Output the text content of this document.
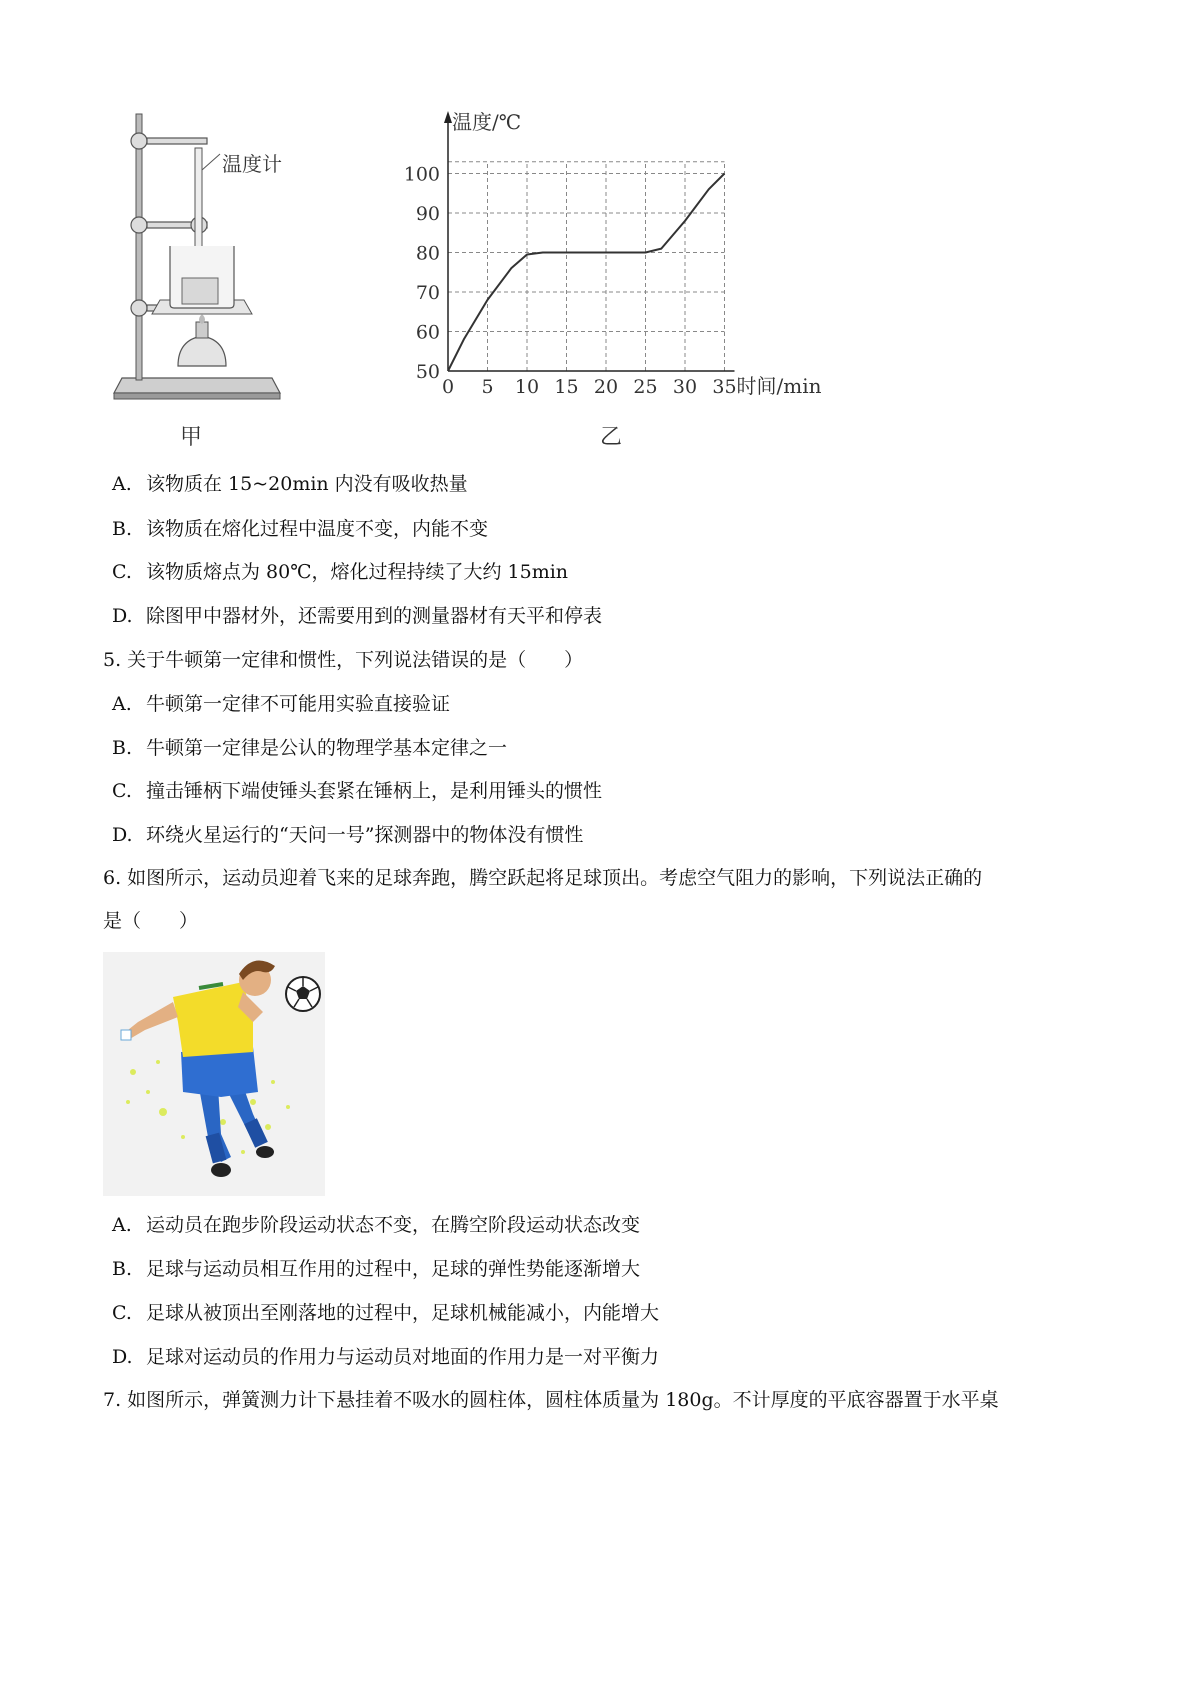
温度计
甲
0 5 10 15 20 25 30 35
50
60
70
80
90
100
温度/℃
时间/min
乙
A. 该物质在 15~20min 内没有吸收热量
B. 该物质在熔化过程中温度不变，内能不变
C. 该物质熔点为 80℃，熔化过程持续了大约 15min
D. 除图甲中器材外，还需要用到的测量器材有天平和停表
5. 关于牛顿第一定律和惯性，下列说法错误的是（　　）
A. 牛顿第一定律不可能用实验直接验证
B. 牛顿第一定律是公认的物理学基本定律之一
C. 撞击锤柄下端使锤头套紧在锤柄上，是利用锤头的惯性
D. 环绕火星运行的“天问一号”探测器中的物体没有惯性
6. 如图所示，运动员迎着飞来的足球奔跑，腾空跃起将足球顶出。考虑空气阻力的影响，下列说法正确的
是（　　）
A. 运动员在跑步阶段运动状态不变，在腾空阶段运动状态改变
B. 足球与运动员相互作用的过程中，足球的弹性势能逐渐增大
C. 足球从被顶出至刚落地的过程中，足球机械能减小，内能增大
D. 足球对运动员的作用力与运动员对地面的作用力是一对平衡力
7. 如图所示，弹簧测力计下悬挂着不吸水的圆柱体，圆柱体质量为 180g。不计厚度的平底容器置于水平桌
